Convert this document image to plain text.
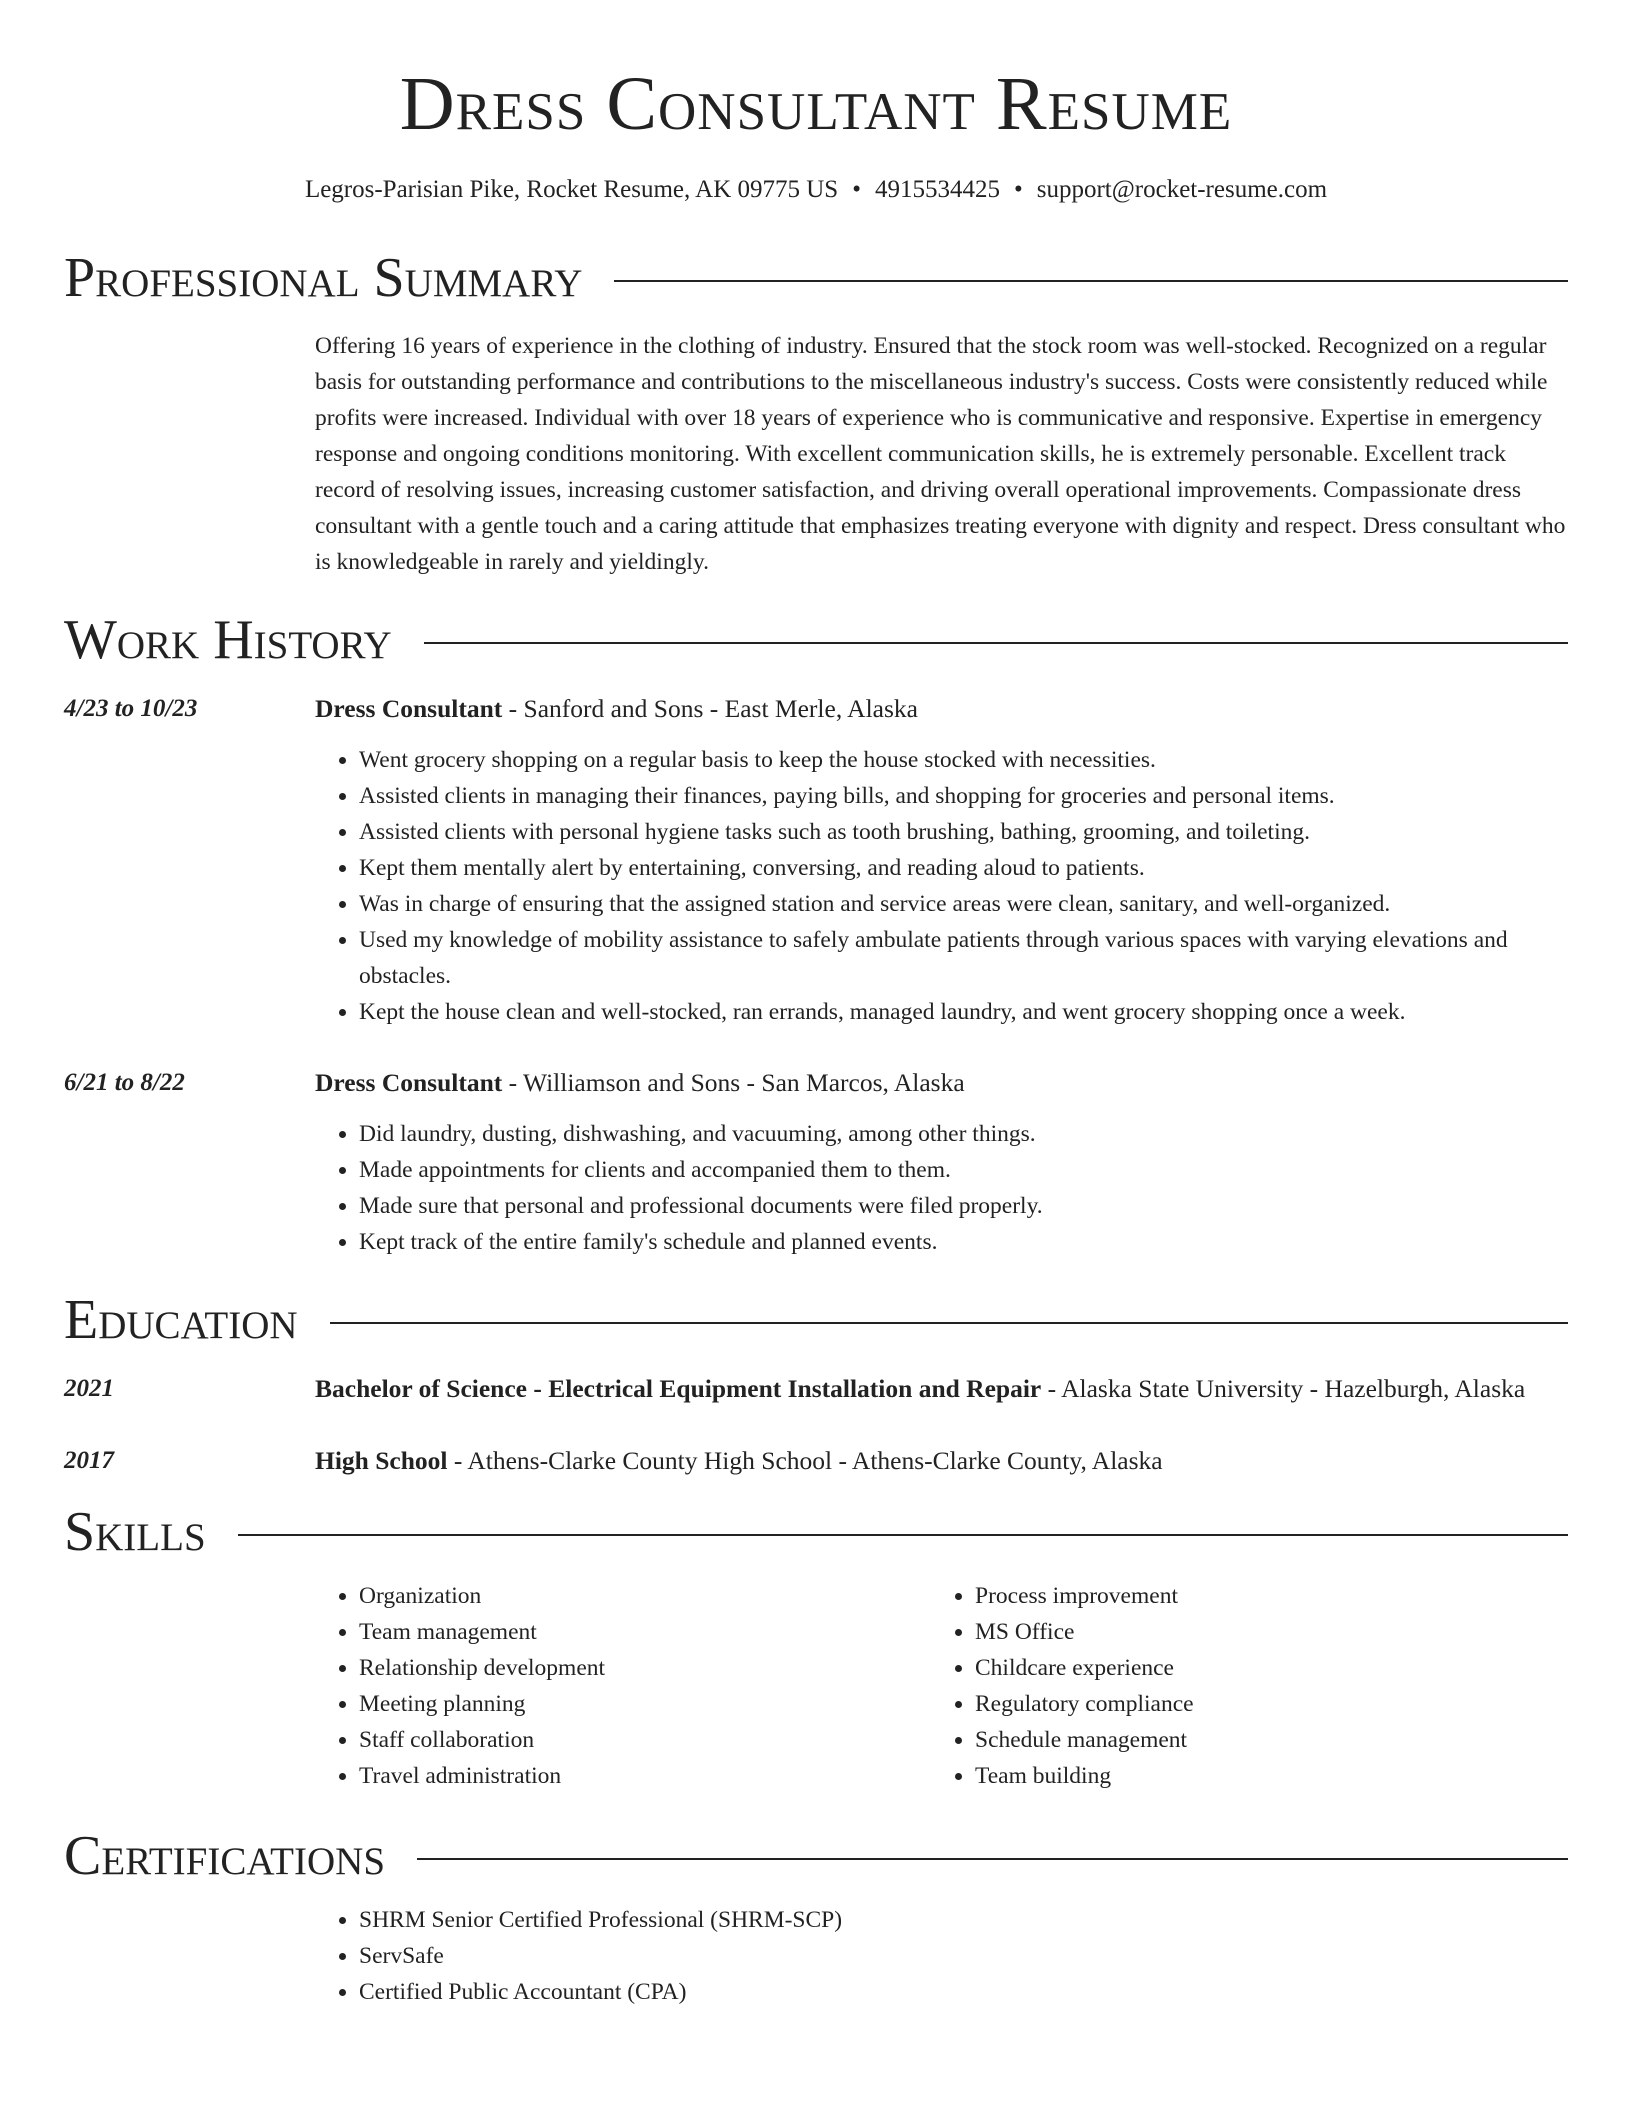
Dress Consultant Resume
Legros-Parisian Pike, Rocket Resume, AK 09775 US • 4915534425 • support@rocket-resume.com
Professional Summary
Offering 16 years of experience in the clothing of industry. Ensured that the stock room was well-stocked. Recognized on a regular basis for outstanding performance and contributions to the miscellaneous industry's success. Costs were consistently reduced while profits were increased. Individual with over 18 years of experience who is communicative and responsive. Expertise in emergency response and ongoing conditions monitoring. With excellent communication skills, he is extremely personable. Excellent track record of resolving issues, increasing customer satisfaction, and driving overall operational improvements. Compassionate dress consultant with a gentle touch and a caring attitude that emphasizes treating everyone with dignity and respect. Dress consultant who is knowledgeable in rarely and yieldingly.
Work History
4/23 to 10/23	Dress Consultant - Sanford and Sons - East Merle, Alaska
• Went grocery shopping on a regular basis to keep the house stocked with necessities.
• Assisted clients in managing their finances, paying bills, and shopping for groceries and personal items.
• Assisted clients with personal hygiene tasks such as tooth brushing, bathing, grooming, and toileting.
• Kept them mentally alert by entertaining, conversing, and reading aloud to patients.
• Was in charge of ensuring that the assigned station and service areas were clean, sanitary, and well-organized.
• Used my knowledge of mobility assistance to safely ambulate patients through various spaces with varying elevations and obstacles.
• Kept the house clean and well-stocked, ran errands, managed laundry, and went grocery shopping once a week.
6/21 to 8/22	Dress Consultant - Williamson and Sons - San Marcos, Alaska
• Did laundry, dusting, dishwashing, and vacuuming, among other things.
• Made appointments for clients and accompanied them to them.
• Made sure that personal and professional documents were filed properly.
• Kept track of the entire family's schedule and planned events.
Education
2021	Bachelor of Science - Electrical Equipment Installation and Repair - Alaska State University - Hazelburgh, Alaska
2017	High School - Athens-Clarke County High School - Athens-Clarke County, Alaska
Skills
• Organization
• Team management
• Relationship development
• Meeting planning
• Staff collaboration
• Travel administration
• Process improvement
• MS Office
• Childcare experience
• Regulatory compliance
• Schedule management
• Team building
Certifications
• SHRM Senior Certified Professional (SHRM-SCP)
• ServSafe
• Certified Public Accountant (CPA)
